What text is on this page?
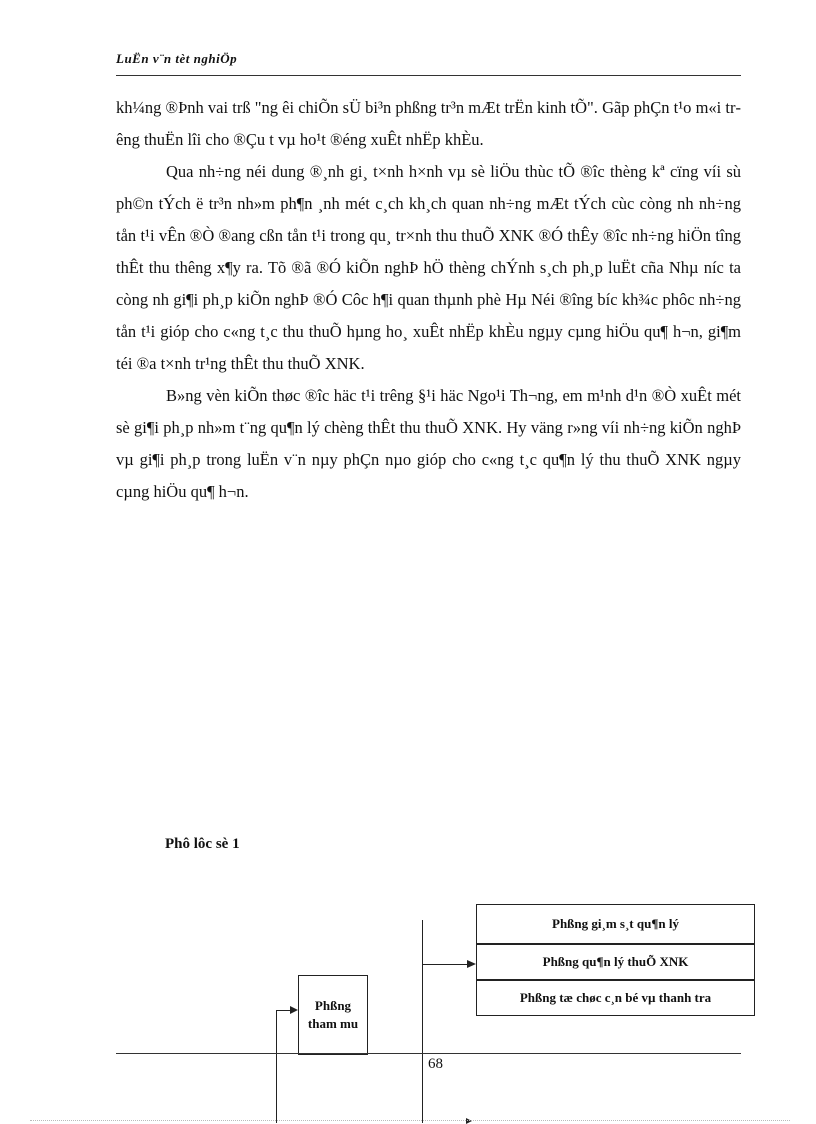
LuËn v¨n tèt nghiÖp

kh¼ng ®Þnh vai trß "ng êi chiÕn sÜ bi³n phßng tr³n mÆt trËn kinh tÕ". Gãp phÇn t¹o m«i trêng thuËn lîi cho ®Çu t vµ ho¹t ®éng xuÊt nhËp khÈu.

Qua nh÷ng néi dung ®¸nh gi¸ t×nh h×nh vµ sè liÖu thùc tÕ ®îc thèng kª cïng víi sù ph©n tÝch ë tr³n nh»m ph¶n ¸nh mét c¸ch kh¸ch quan nh÷ng mÆt tÝch cùc còng nh nh÷ng tån t¹i vÊn ®Ò ®ang cßn tån t¹i trong qu¸ tr×nh thu thuÕ XNK ®Ó thÊy ®îc nh÷ng hiÖn tîng thÊt thu thêng x¶y ra. Tõ ®ã ®Ó kiÕn nghÞ hÖ thèng chÝnh s¸ch ph¸p luËt cña Nhµ níc ta còng nh gi¶i ph¸p kiÕn nghÞ ®Ó Côc h¶i quan thµnh phè Hµ Néi ®îng bíc kh¾c phôc nh÷ng tån t¹i gióp cho c«ng t¸c thu thuÕ hµng ho¸ xuÊt nhËp khÈu ngµy cµng hiÖu qu¶ h¬n, gi¶m téi ®a t×nh tr¹ng thÊt thu thuÕ XNK.

B»ng vèn kiÕn thøc ®îc häc t¹i trêng §¹i häc Ngo¹i Th¬ng, em m¹nh d¹n ®Ò xuÊt mét sè gi¶i ph¸p nh»m t¨ng qu¶n lý chèng thÊt thu thuÕ XNK. Hy väng r»ng víi nh÷ng kiÕn nghÞ vµ gi¶i ph¸p trong luËn v¨n nµy phÇn nµo gióp cho c«ng t¸c qu¶n lý thu thuÕ XNK ngµy cµng hiÖu qu¶ h¬n.

Phô lôc sè 1
Phßng gi¸m s¸t qu¶n lý
Phßng qu¶n lý thuÕ XNK
Phßng tæ chøc c¸n bé vµ thanh tra
Phßng tham mu
68
